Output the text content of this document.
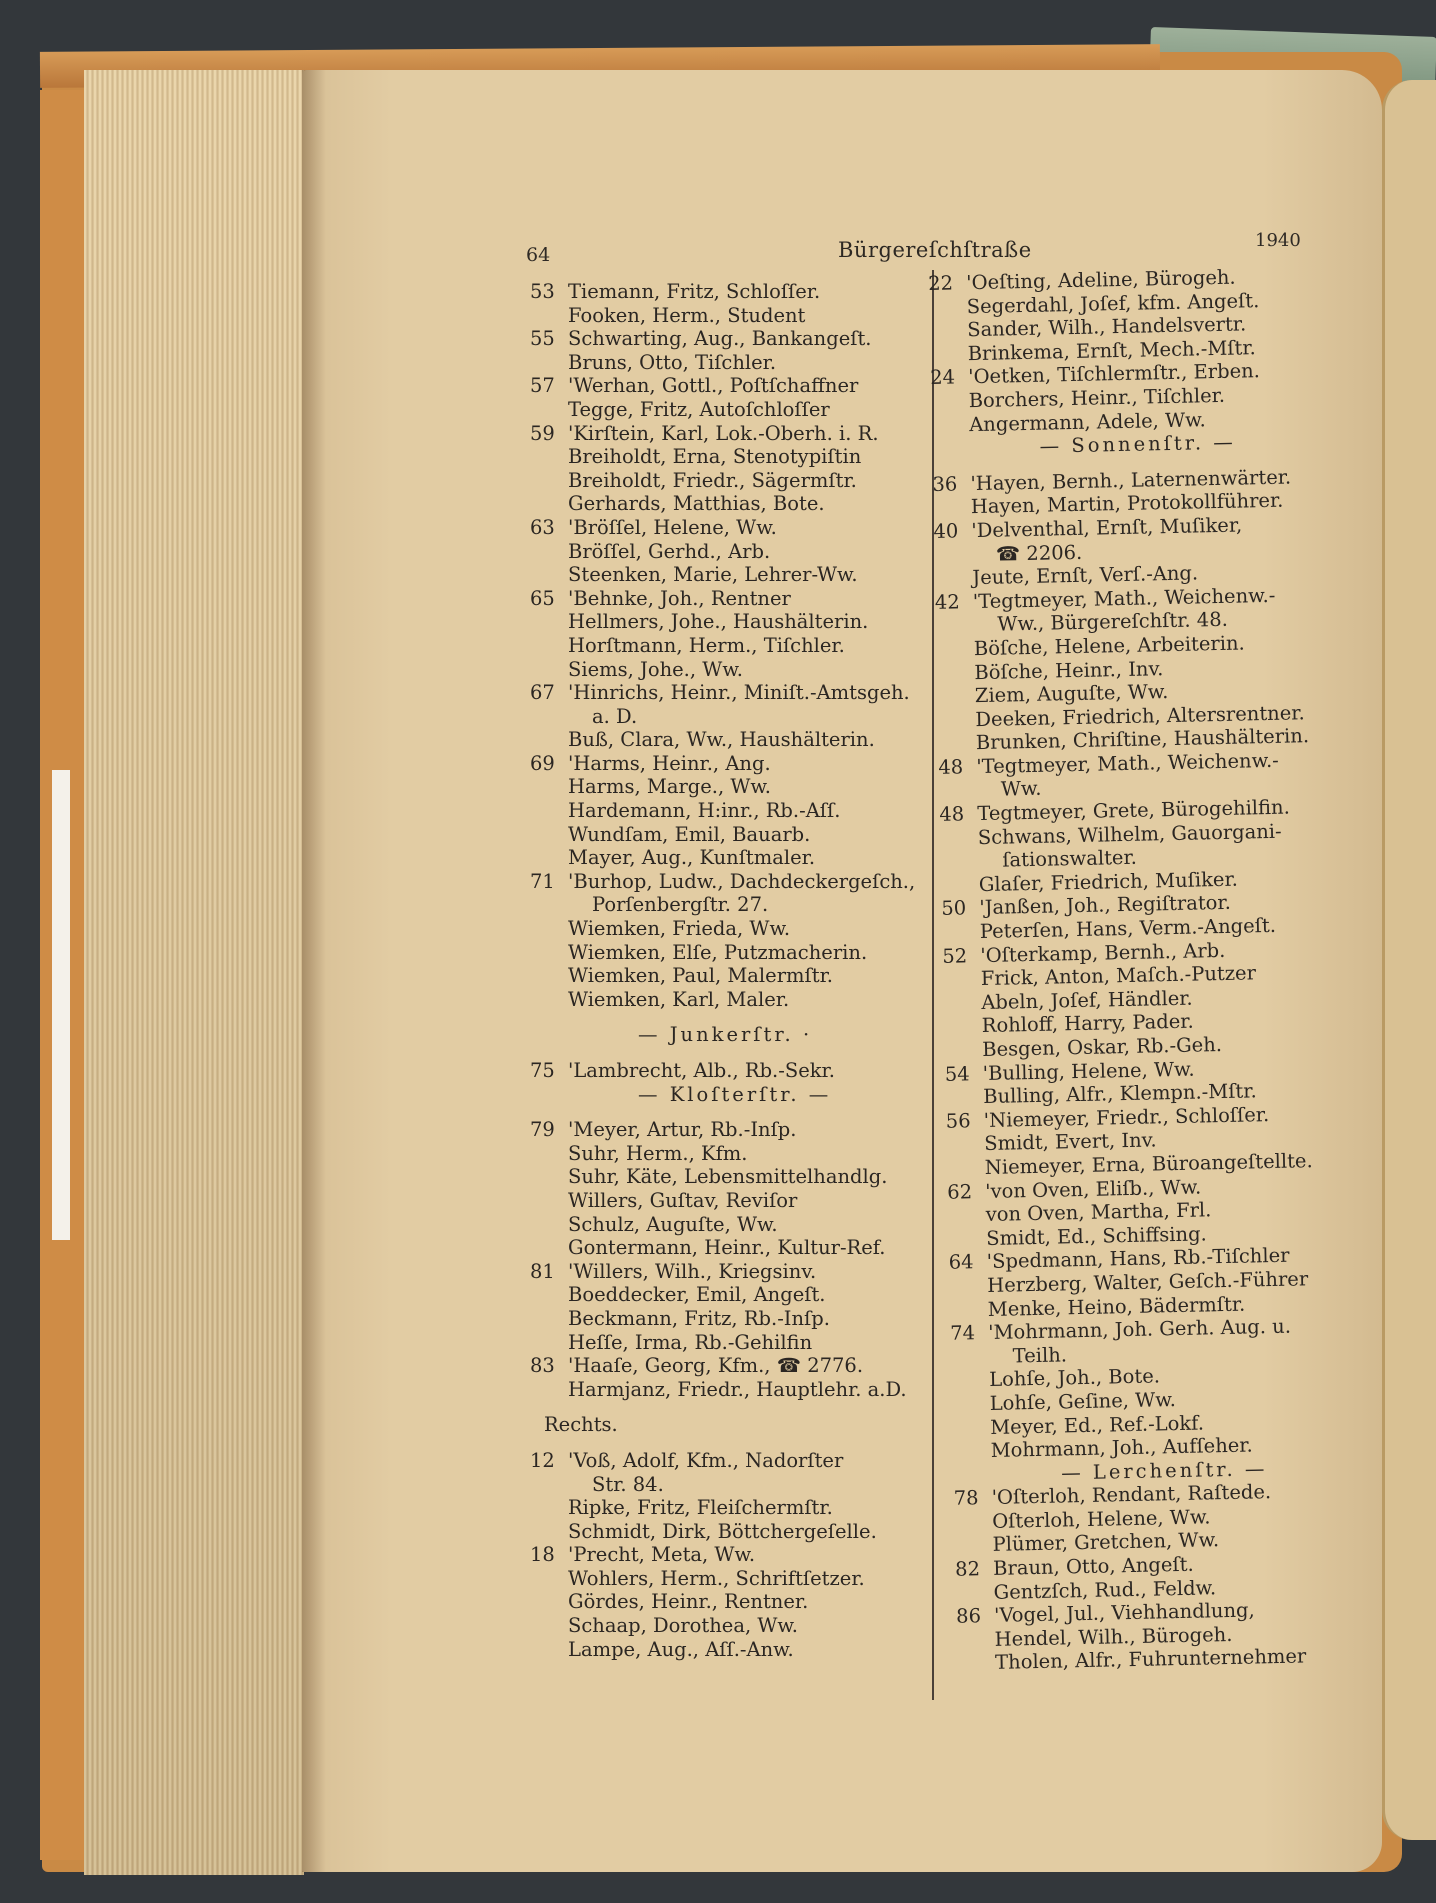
64	Bürgereſchſtraße	1940
53 Tiemann, Fritz, Schloſſer.
Fooken, Herm., Student
55 Schwarting, Aug., Bankangeſt.
Bruns, Otto, Tiſchler.
57 'Werhan, Gottl., Poſtſchaffner
Tegge, Fritz, Autoſchloſſer
59 'Kirſtein, Karl, Lok.-Oberh. i. R.
Breiholdt, Erna, Stenotypiſtin
Breiholdt, Friedr., Sägermſtr.
Gerhards, Matthias, Bote.
63 'Bröſſel, Helene, Ww.
Bröſſel, Gerhd., Arb.
Steenken, Marie, Lehrer-Ww.
65 'Behnke, Joh., Rentner
Hellmers, Johe., Haushälterin.
Horſtmann, Herm., Tiſchler.
Siems, Johe., Ww.
67 'Hinrichs, Heinr., Miniſt.-Amtsgeh.
a. D.
Buß, Clara, Ww., Haushälterin.
69 'Harms, Heinr., Ang.
Harms, Marge., Ww.
Hardemann, H:inr., Rb.-Aſſ.
Wundſam, Emil, Bauarb.
Mayer, Aug., Kunſtmaler.
71 'Burhop, Ludw., Dachdeckergeſch.,
Porſenbergſtr. 27.
Wiemken, Frieda, Ww.
Wiemken, Elſe, Putzmacherin.
Wiemken, Paul, Malermſtr.
Wiemken, Karl, Maler.
— Junkerſtr. ·
75 'Lambrecht, Alb., Rb.-Sekr.
— Kloſterſtr. —
79 'Meyer, Artur, Rb.-Inſp.
Suhr, Herm., Kfm.
Suhr, Käte, Lebensmittelhandlg.
Willers, Guſtav, Reviſor
Schulz, Auguſte, Ww.
Gontermann, Heinr., Kultur-Ref.
81 'Willers, Wilh., Kriegsinv.
Boeddecker, Emil, Angeſt.
Beckmann, Fritz, Rb.-Inſp.
Heſſe, Irma, Rb.-Gehilfin
83 'Haaſe, Georg, Kfm., ☎ 2776.
Harmjanz, Friedr., Hauptlehr. a.D.
Rechts.
12 'Voß, Adolf, Kfm., Nadorſter
Str. 84.
Ripke, Fritz, Fleiſchermſtr.
Schmidt, Dirk, Böttchergeſelle.
18 'Precht, Meta, Ww.
Wohlers, Herm., Schriftſetzer.
Gördes, Heinr., Rentner.
Schaap, Dorothea, Ww.
Lampe, Aug., Aſſ.-Anw.
22 'Oeſting, Adeline, Bürogeh.
Segerdahl, Joſef, kfm. Angeſt.
Sander, Wilh., Handelsvertr.
Brinkema, Ernſt, Mech.-Mſtr.
24 'Oetken, Tiſchlermſtr., Erben.
Borchers, Heinr., Tiſchler.
Angermann, Adele, Ww.
— Sonnenſtr. —
36 'Hayen, Bernh., Laternenwärter.
Hayen, Martin, Protokollführer.
40 'Delventhal, Ernſt, Muſiker,
☎ 2206.
Jeute, Ernſt, Verſ.-Ang.
42 'Tegtmeyer, Math., Weichenw.-
Ww., Bürgereſchſtr. 48.
Böſche, Helene, Arbeiterin.
Böſche, Heinr., Inv.
Ziem, Auguſte, Ww.
Deeken, Friedrich, Altersrentner.
Brunken, Chriſtine, Haushälterin.
48 'Tegtmeyer, Math., Weichenw.-
Ww.
48 Tegtmeyer, Grete, Bürogehilfin.
Schwans, Wilhelm, Gauorgani-
ſationswalter.
Glaſer, Friedrich, Muſiker.
50 'Janßen, Joh., Regiſtrator.
Peterſen, Hans, Verm.-Angeſt.
52 'Oſterkamp, Bernh., Arb.
Frick, Anton, Maſch.-Putzer
Abeln, Joſef, Händler.
Rohloff, Harry, Pader.
Besgen, Oskar, Rb.-Geh.
54 'Bulling, Helene, Ww.
Bulling, Alfr., Klempn.-Mſtr.
56 'Niemeyer, Friedr., Schloſſer.
Smidt, Evert, Inv.
Niemeyer, Erna, Büroangeſtellte.
62 'von Oven, Eliſb., Ww.
von Oven, Martha, Frl.
Smidt, Ed., Schiffsing.
64 'Spedmann, Hans, Rb.-Tiſchler
Herzberg, Walter, Geſch.-Führer
Menke, Heino, Bädermſtr.
74 'Mohrmann, Joh. Gerh. Aug. u.
Teilh.
Lohſe, Joh., Bote.
Lohſe, Geſine, Ww.
Meyer, Ed., Ref.-Lokf.
Mohrmann, Joh., Aufſeher.
— Lerchenſtr. —
78 'Oſterloh, Rendant, Raſtede.
Oſterloh, Helene, Ww.
Plümer, Gretchen, Ww.
82 Braun, Otto, Angeſt.
Gentzſch, Rud., Feldw.
86 'Vogel, Jul., Viehhandlung,
Hendel, Wilh., Bürogeh.
Tholen, Alfr., Fuhrunternehmer
